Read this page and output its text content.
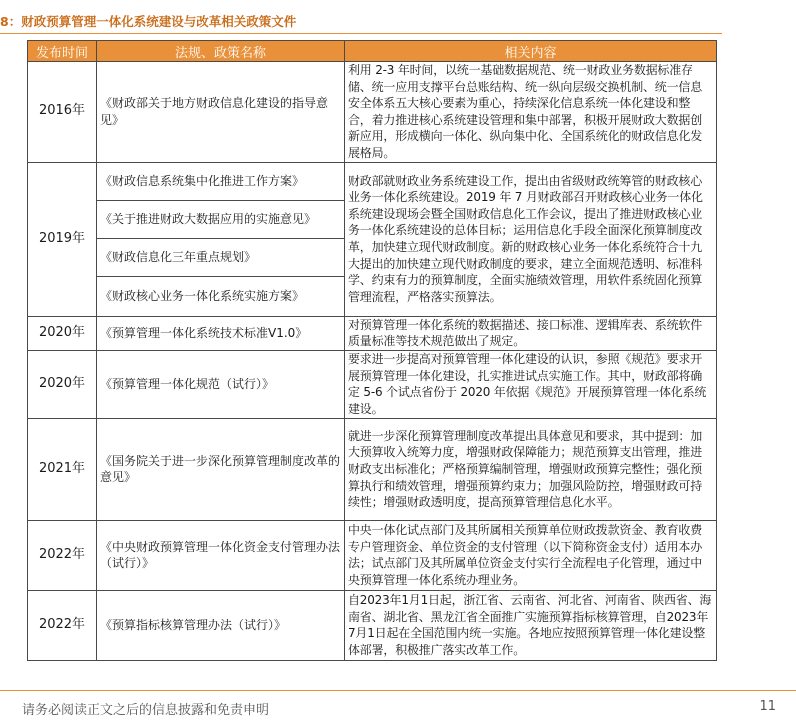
8：财政预算管理一体化系统建设与改革相关政策文件
发布时间	法规、政策名称	相关内容
2016年	《财政部关于地方财政信息化建设的指导意见》	利用 2-3 年时间，以统一基础数据规范、统一财政业务数据标准存储、统一应用支撑平台总账结构、统一纵向层级交换机制、统一信息安全体系五大核心要素为重心，持续深化信息系统一体化建设和整合，着力推进核心系统建设管理和集中部署，积极开展财政大数据创新应用，形成横向一体化、纵向集中化、全国系统化的财政信息化发展格局。
2019年	《财政信息系统集中化推进工作方案》	财政部就财政业务系统建设工作，提出由省级财政统筹管的财政核心业务一体化系统建设。2019 年 7 月财政部召开财政核心业务一体化系统建设现场会暨全国财政信息化工作会议，提出了推进财政核心业务一体化系统建设的总体目标；运用信息化手段全面深化预算制度改革，加快建立现代财政制度。新的财政核心业务一体化系统符合十九大提出的加快建立现代财政制度的要求，建立全面规范透明、标准科学、约束有力的预算制度，全面实施绩效管理，用软件系统固化预算管理流程，严格落实预算法。
	《关于推进财政大数据应用的实施意见》	
	《财政信息化三年重点规划》	
	《财政核心业务一体化系统实施方案》	
2020年	《预算管理一体化系统技术标准V1.0》	对预算管理一体化系统的数据描述、接口标准、逻辑库表、系统软件质量标准等技术规范做出了规定。
2020年	《预算管理一体化规范（试行）》	要求进一步提高对预算管理一体化建设的认识，参照《规范》要求开展预算管理一体化建设，扎实推进试点实施工作。其中，财政部将确定 5-6 个试点省份于 2020 年依据《规范》开展预算管理一体化系统建设。
2021年	《国务院关于进一步深化预算管理制度改革的意见》	就进一步深化预算管理制度改革提出具体意见和要求，其中提到：加大预算收入统筹力度，增强财政保障能力；规范预算支出管理，推进财政支出标准化；严格预算编制管理，增强财政预算完整性；强化预算执行和绩效管理，增强预算约束力；加强风险防控，增强财政可持续性；增强财政透明度，提高预算管理信息化水平。
2022年	《中央财政预算管理一体化资金支付管理办法（试行）》	中央一体化试点部门及其所属相关预算单位财政拨款资金、教育收费专户管理资金、单位资金的支付管理（以下简称资金支付）适用本办法；试点部门及其所属单位资金支付实行全流程电子化管理，通过中央预算管理一体化系统办理业务。
2022年	《预算指标核算管理办法（试行）》	自2023年1月1日起，浙江省、云南省、河北省、河南省、陕西省、海南省、湖北省、黑龙江省全面推广实施预算指标核算管理，自2023年7月1日起在全国范围内统一实施。各地应按照预算管理一体化建设整体部署，积极推广落实改革工作。
请务必阅读正文之后的信息披露和免责申明	11
